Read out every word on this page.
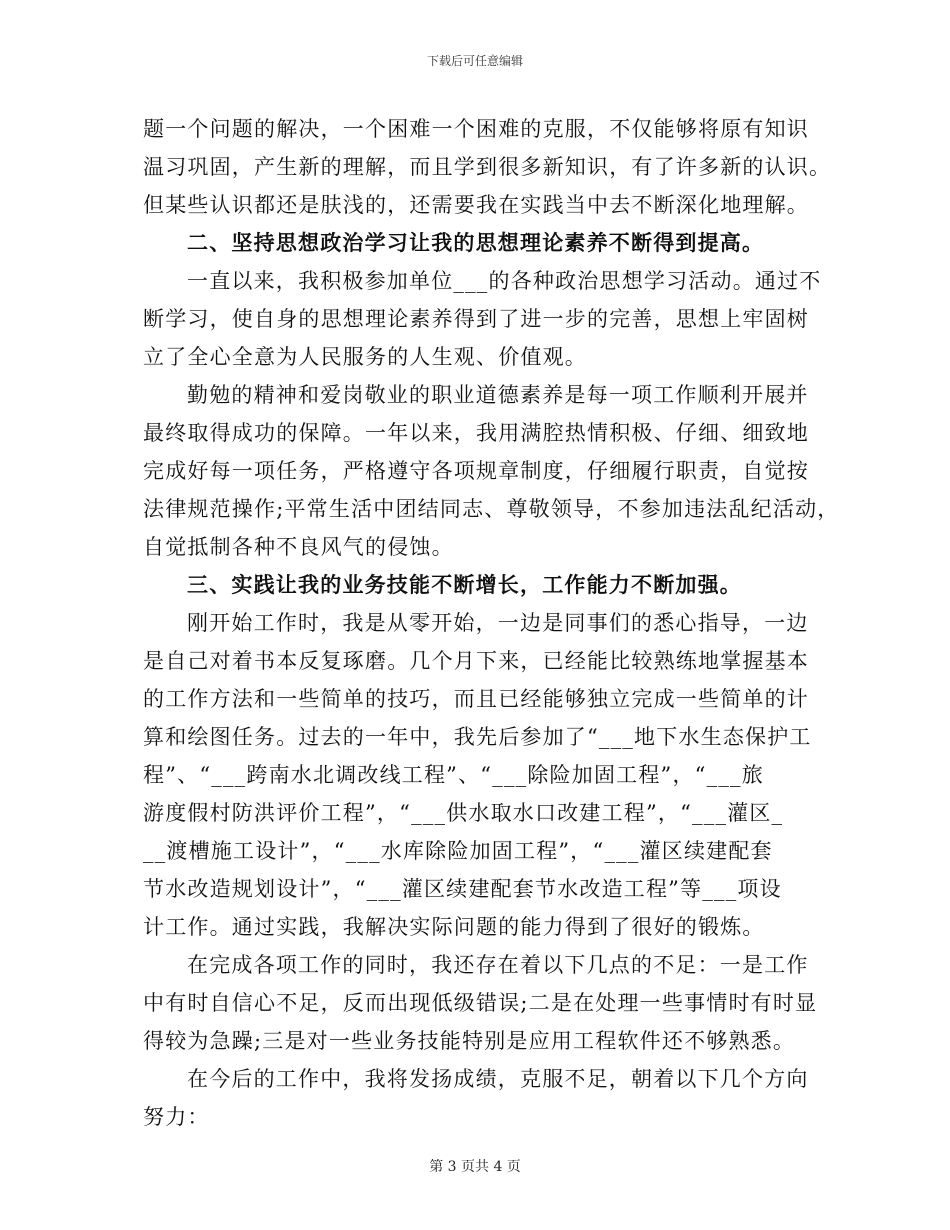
下载后可任意编辑
题一个问题的解决，一个困难一个困难的克服，不仅能够将原有知识
温习巩固，产生新的理解，而且学到很多新知识，有了许多新的认识。
但某些认识都还是肤浅的，还需要我在实践当中去不断深化地理解。
二、坚持思想政治学习让我的思想理论素养不断得到提高。
一直以来，我积极参加单位___的各种政治思想学习活动。通过不
断学习，使自身的思想理论素养得到了进一步的完善，思想上牢固树
立了全心全意为人民服务的人生观、价值观。
勤勉的精神和爱岗敬业的职业道德素养是每一项工作顺利开展并
最终取得成功的保障。一年以来，我用满腔热情积极、仔细、细致地
完成好每一项任务，严格遵守各项规章制度，仔细履行职责，自觉按
法律规范操作;平常生活中团结同志、尊敬领导，不参加违法乱纪活动，
自觉抵制各种不良风气的侵蚀。
三、实践让我的业务技能不断增长，工作能力不断加强。
刚开始工作时，我是从零开始，一边是同事们的悉心指导，一边
是自己对着书本反复琢磨。几个月下来，已经能比较熟练地掌握基本
的工作方法和一些简单的技巧，而且已经能够独立完成一些简单的计
算和绘图任务。过去的一年中，我先后参加了“___地下水生态保护工
程”、“___跨南水北调改线工程”、“___除险加固工程”，“___旅
游度假村防洪评价工程”，“___供水取水口改建工程”，“___灌区_
__渡槽施工设计”，“___水库除险加固工程”，“___灌区续建配套
节水改造规划设计”，“___灌区续建配套节水改造工程”等___项设
计工作。通过实践，我解决实际问题的能力得到了很好的锻炼。
在完成各项工作的同时，我还存在着以下几点的不足：一是工作
中有时自信心不足，反而出现低级错误;二是在处理一些事情时有时显
得较为急躁;三是对一些业务技能特别是应用工程软件还不够熟悉。
在今后的工作中，我将发扬成绩，克服不足，朝着以下几个方向
努力：
第 3 页共 4 页
